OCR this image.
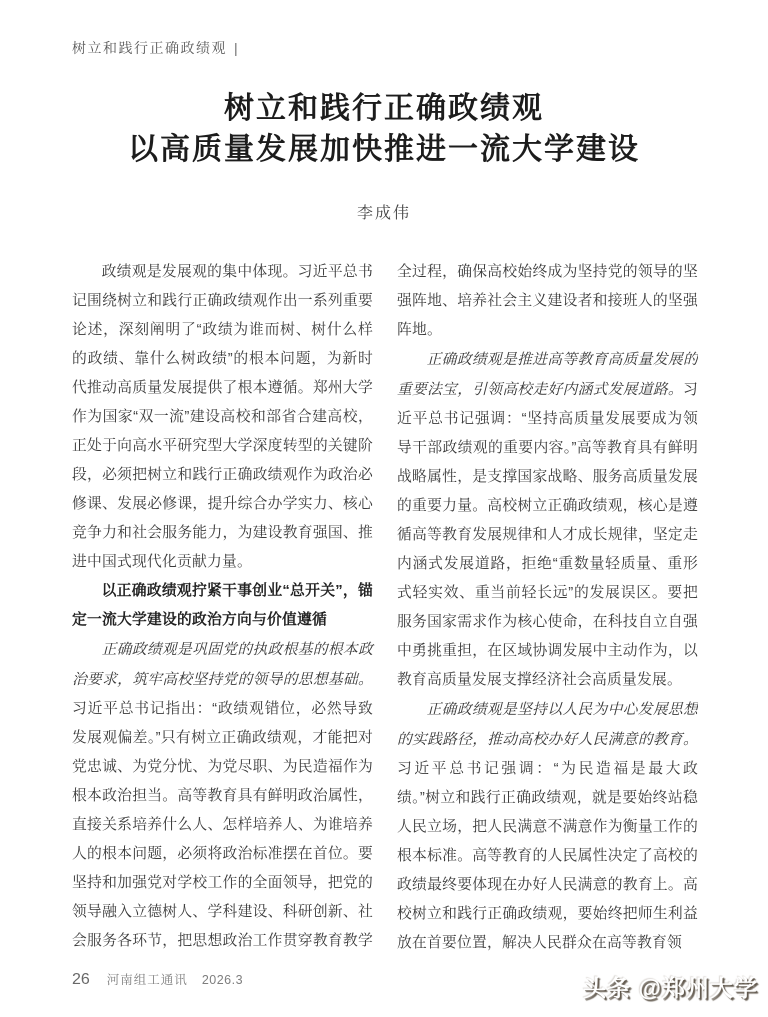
树立和践行正确政绩观 |
树立和践行正确政绩观
以高质量发展加快推进一流大学建设
李成伟

政绩观是发展观的集中体现。习近平总书记围绕树立和践行正确政绩观作出一系列重要论述，深刻阐明了“政绩为谁而树、树什么样的政绩、靠什么树政绩”的根本问题，为新时代推动高质量发展提供了根本遵循。郑州大学作为国家“双一流”建设高校和部省合建高校，正处于向高水平研究型大学深度转型的关键阶段，必须把树立和践行正确政绩观作为政治必修课、发展必修课，提升综合办学实力、核心竞争力和社会服务能力，为建设教育强国、推进中国式现代化贡献力量。

以正确政绩观拧紧干事创业“总开关”，锚定一流大学建设的政治方向与价值遵循

正确政绩观是巩固党的执政根基的根本政治要求，筑牢高校坚持党的领导的思想基础。习近平总书记指出：“政绩观错位，必然导致发展观偏差。”只有树立正确政绩观，才能把对党忠诚、为党分忧、为党尽职、为民造福作为根本政治担当。高等教育具有鲜明政治属性，直接关系培养什么人、怎样培养人、为谁培养人的根本问题，必须将政治标准摆在首位。要坚持和加强党对学校工作的全面领导，把党的领导融入立德树人、学科建设、科研创新、社会服务各环节，把思想政治工作贯穿教育教学全过程，确保高校始终成为坚持党的领导的坚强阵地、培养社会主义建设者和接班人的坚强阵地。

正确政绩观是推进高等教育高质量发展的重要法宝，引领高校走好内涵式发展道路。习近平总书记强调：“坚持高质量发展要成为领导干部政绩观的重要内容。”高等教育具有鲜明战略属性，是支撑国家战略、服务高质量发展的重要力量。高校树立正确政绩观，核心是遵循高等教育发展规律和人才成长规律，坚定走内涵式发展道路，拒绝“重数量轻质量、重形式轻实效、重当前轻长远”的发展误区。要把服务国家需求作为核心使命，在科技自立自强中勇挑重担，在区域协调发展中主动作为，以教育高质量发展支撑经济社会高质量发展。

正确政绩观是坚持以人民为中心发展思想的实践路径，推动高校办好人民满意的教育。习近平总书记强调：“为民造福是最大政绩。”树立和践行正确政绩观，就是要始终站稳人民立场，把人民满意不满意作为衡量工作的根本标准。高等教育的人民属性决定了高校的政绩最终要体现在办好人民满意的教育上。高校树立和践行正确政绩观，要始终把师生利益放在首要位置，解决人民群众在高等教育领

26 河南组工通讯 2026.3	头条 @郑州大学
